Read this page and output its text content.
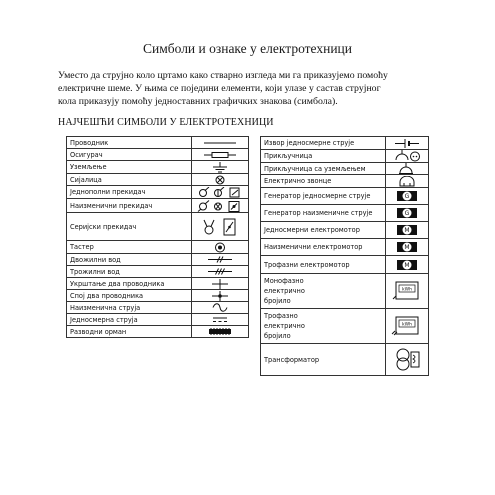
Симболи и ознаке у електротехници
Уместо да струјно коло цртамо како стварно изгледа ми га приказујемо помоћу
електричне шеме. У њима се поједини елементи, који улазе у састав струјног
кола приказују помоћу једноставних графичких знакова (симбола).
НАЈЧЕШЋИ СИМБОЛИ У ЕЛЕКТРОТЕХНИЦИ
Проводник	

Осигурач	

Уземљење	

Сијалица	

Једнополни прекидач	

Наизменични прекидач	

Серијски прекидач	

Тастер	

Двожилни вод	

Трожилни вод	

Укрштање два проводника	

Спој два проводника	

Наизменична струја	

Једносмерна струја	

Разводни орман	
Извор једносмерне струје	

Прикључница	

Прикључница са уземљењем	

Електрично звонце	

Генератор једносмерне струје	G

Генератор наизменичне струје	G

Једносмерни електромотор	M

Наизменични електромотор	M

Трофазни електромотор	M

Монофазно електрично бројило	kWh

Трофазно електрично бројило	kWh

Трансформатор	
